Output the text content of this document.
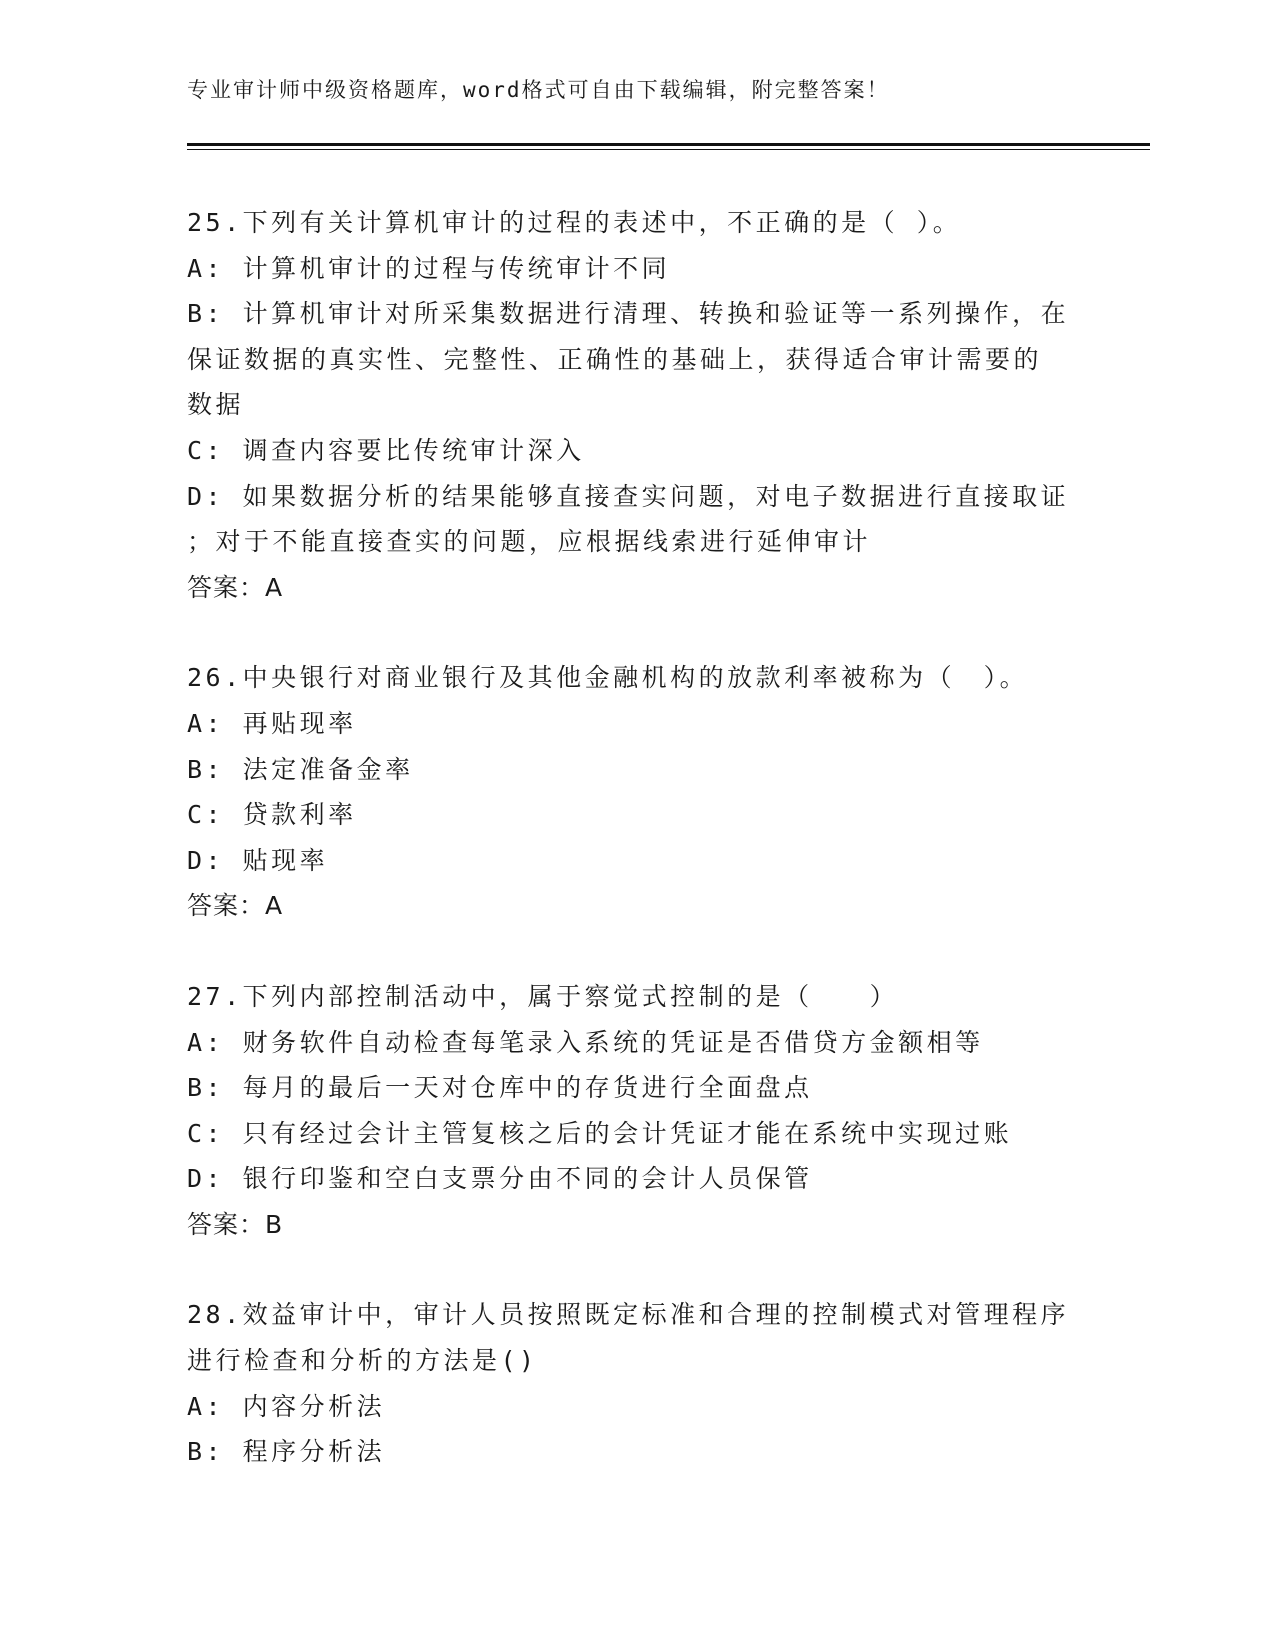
专业审计师中级资格题库，word格式可自由下载编辑，附完整答案！
25.下列有关计算机审计的过程的表述中，不正确的是（ ）。
A: 计算机审计的过程与传统审计不同
B: 计算机审计对所采集数据进行清理、转换和验证等一系列操作，在
保证数据的真实性、完整性、正确性的基础上，获得适合审计需要的
数据
C: 调查内容要比传统审计深入
D: 如果数据分析的结果能够直接查实问题，对电子数据进行直接取证
；对于不能直接查实的问题，应根据线索进行延伸审计
答案：A
26.中央银行对商业银行及其他金融机构的放款利率被称为（　）。
A: 再贴现率
B: 法定准备金率
C: 贷款利率
D: 贴现率
答案：A
27.下列内部控制活动中，属于察觉式控制的是（　　）
A: 财务软件自动检查每笔录入系统的凭证是否借贷方金额相等
B: 每月的最后一天对仓库中的存货进行全面盘点
C: 只有经过会计主管复核之后的会计凭证才能在系统中实现过账
D: 银行印鉴和空白支票分由不同的会计人员保管
答案：B
28.效益审计中，审计人员按照既定标准和合理的控制模式对管理程序
进行检查和分析的方法是()
A: 内容分析法
B: 程序分析法
